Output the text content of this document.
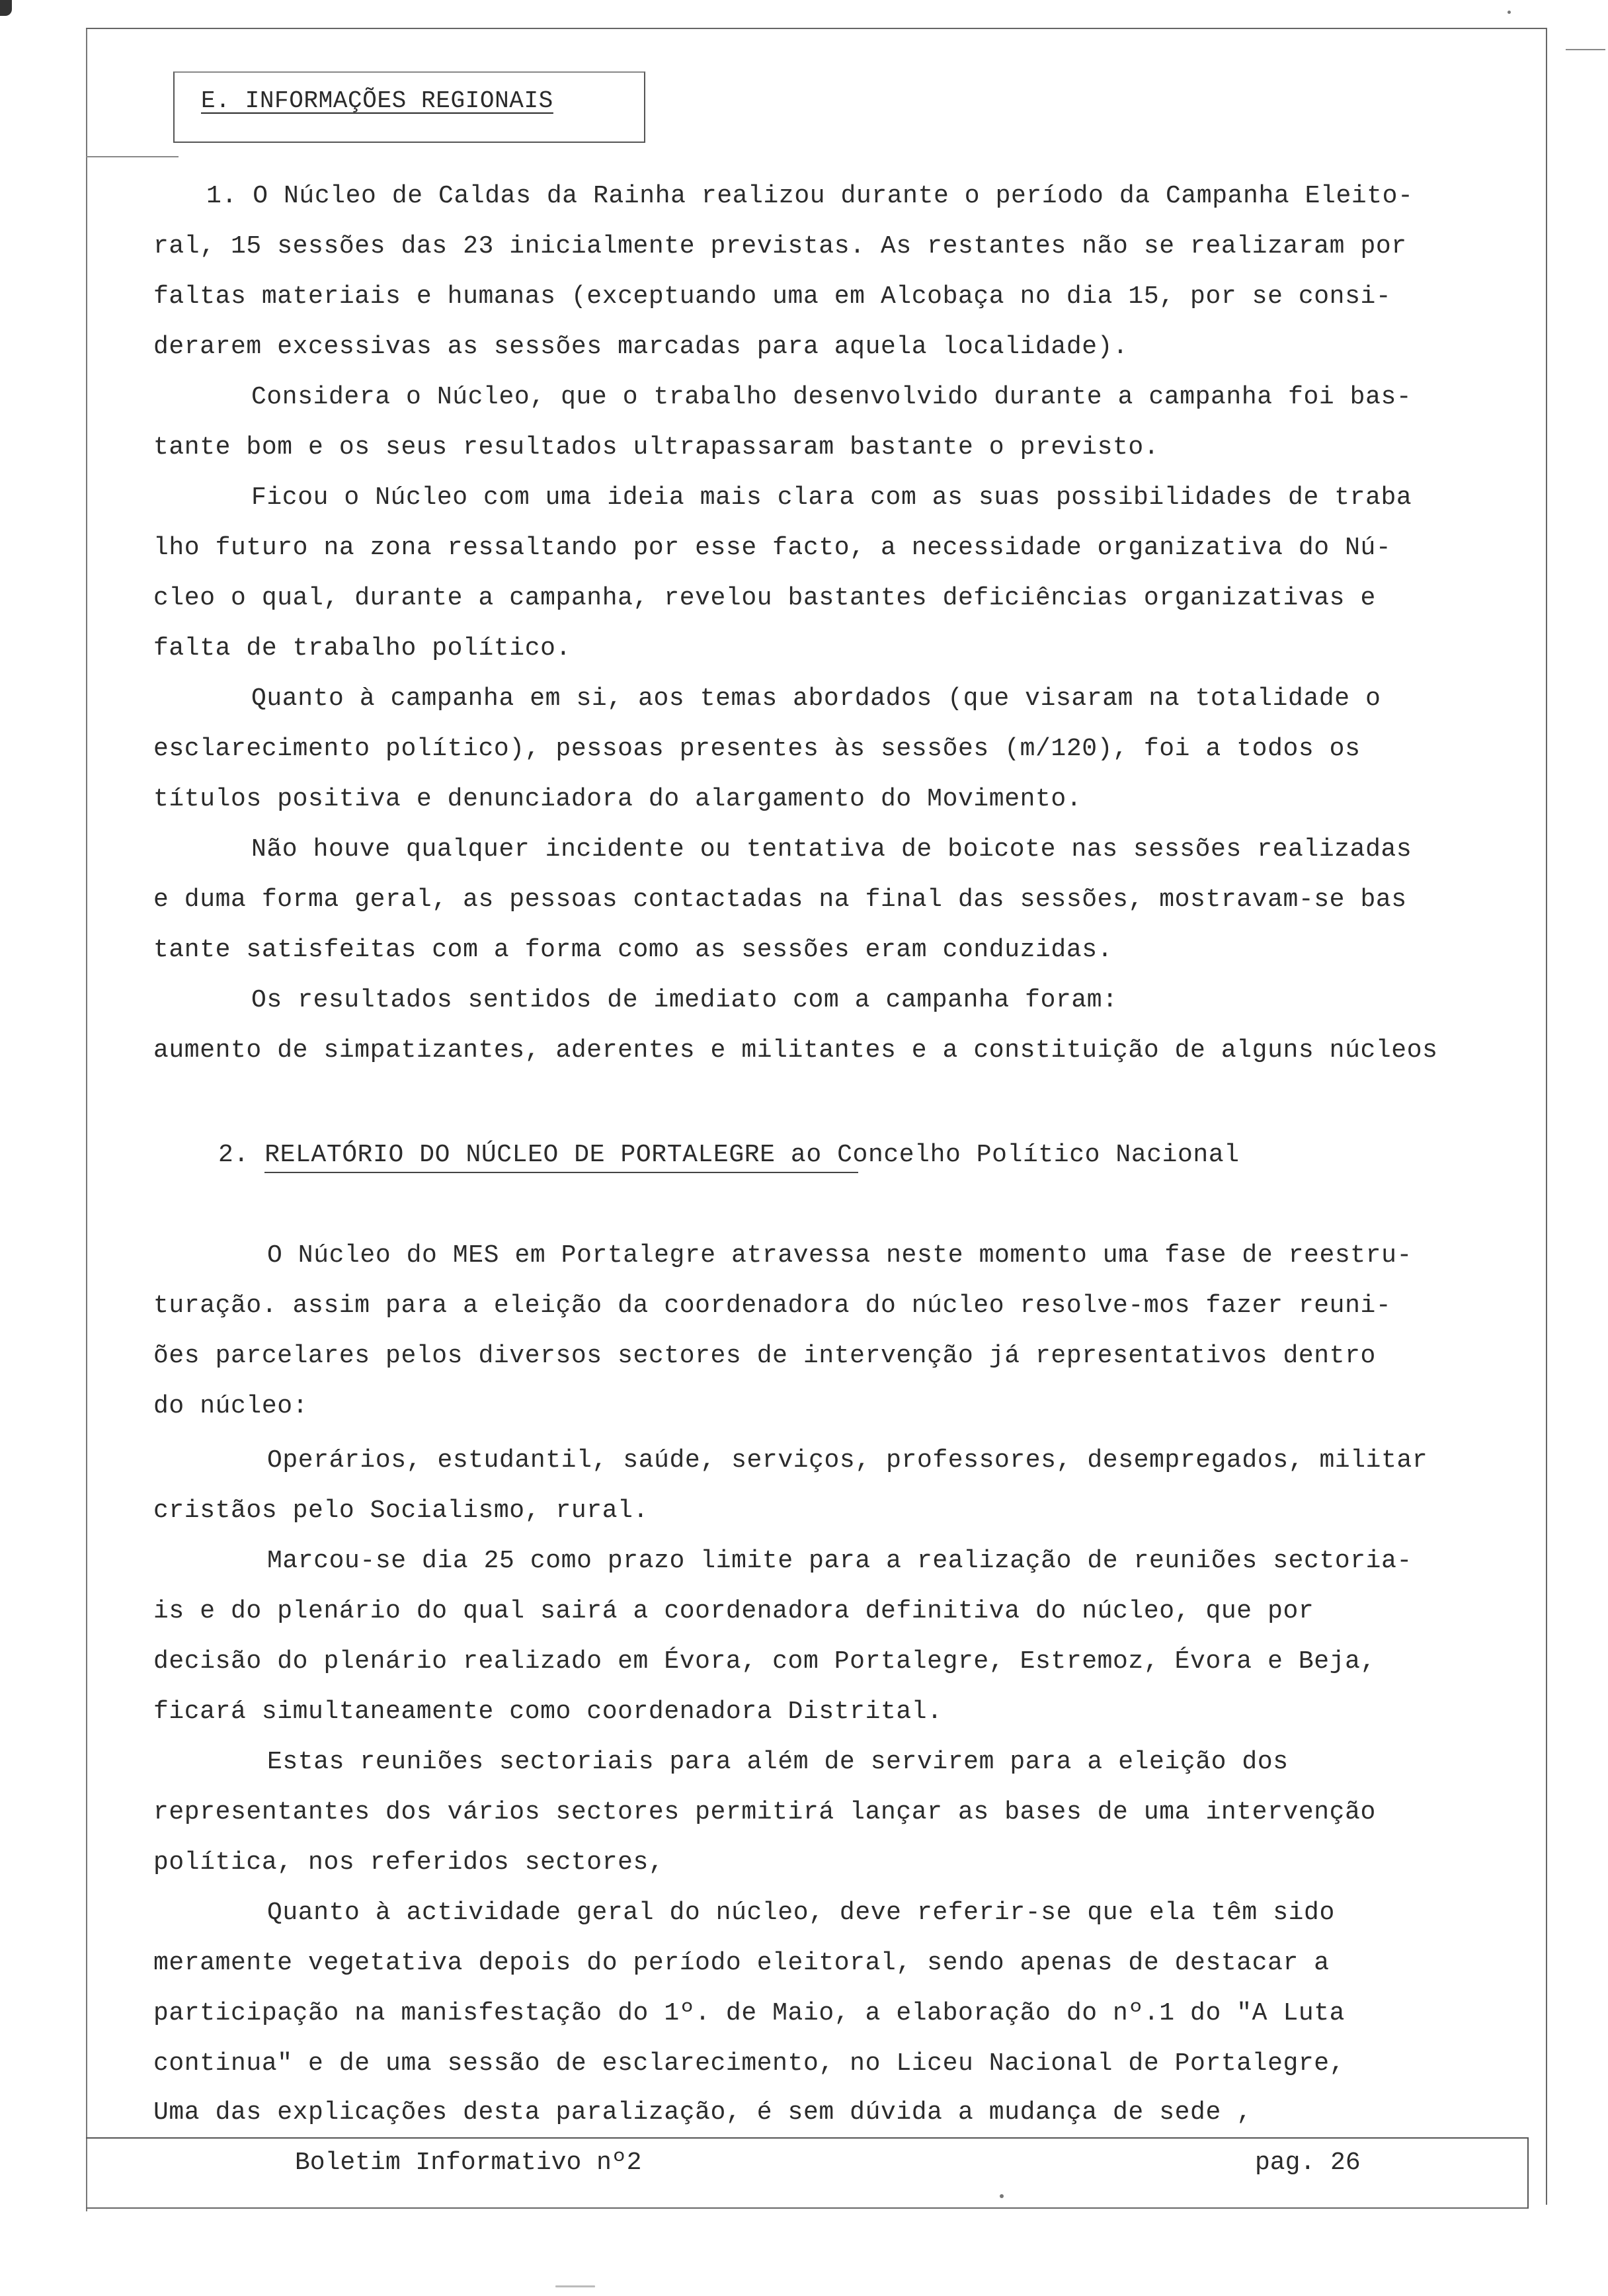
E. INFORMAÇÕES REGIONAIS

1. O Núcleo de Caldas da Rainha realizou durante o período da Campanha Eleito-

ral, 15 sessões das 23 inicialmente previstas. As restantes não se realizaram por

faltas materiais e humanas (exceptuando uma em Alcobaça no dia 15, por se consi-

derarem excessivas as sessões marcadas para aquela localidade).

Considera o Núcleo, que o trabalho desenvolvido durante a campanha foi bas-

tante bom e os seus resultados ultrapassaram bastante o previsto.

Ficou o Núcleo com uma ideia mais clara com as suas possibilidades de traba

lho futuro na zona ressaltando por esse facto, a necessidade organizativa do Nú-

cleo o qual, durante a campanha, revelou bastantes deficiências organizativas e

falta de trabalho político.

Quanto à campanha em si, aos temas abordados (que visaram na totalidade o

esclarecimento político), pessoas presentes às sessões (m/120), foi a todos os

títulos positiva e denunciadora do alargamento do Movimento.

Não houve qualquer incidente ou tentativa de boicote nas sessões realizadas

e duma forma geral, as pessoas contactadas na final das sessões, mostravam-se bas

tante satisfeitas com a forma como as sessões eram conduzidas.

Os resultados sentidos de imediato com a campanha foram:

aumento de simpatizantes, aderentes e militantes e a constituição de alguns núcleos

2. RELATÓRIO DO NÚCLEO DE PORTALEGRE ao Concelho Político Nacional

O Núcleo do MES em Portalegre atravessa neste momento uma fase de reestru-

turação. assim para a eleição da coordenadora do núcleo resolve-mos fazer reuni-

ões parcelares pelos diversos sectores de intervenção já representativos dentro

do núcleo:

Operários, estudantil, saúde, serviços, professores, desempregados, militar

cristãos pelo Socialismo, rural.

Marcou-se dia 25 como prazo limite para a realização de reuniões sectoria-

is e do plenário do qual sairá a coordenadora definitiva do núcleo, que por

decisão do plenário realizado em Évora, com Portalegre, Estremoz, Évora e Beja,

ficará simultaneamente como coordenadora Distrital.

Estas reuniões sectoriais para além de servirem para a eleição dos

representantes dos vários sectores permitirá lançar as bases de uma intervenção

política, nos referidos sectores,

Quanto à actividade geral do núcleo, deve referir-se que ela têm sido

meramente vegetativa depois do período eleitoral, sendo apenas de destacar a

participação na manisfestação do 1º. de Maio, a elaboração do nº.1 do "A Luta

continua" e de uma sessão de esclarecimento, no Liceu Nacional de Portalegre,

Uma das explicações desta paralização, é sem dúvida a mudança de sede ,

Boletim Informativo nº2	pag. 26
